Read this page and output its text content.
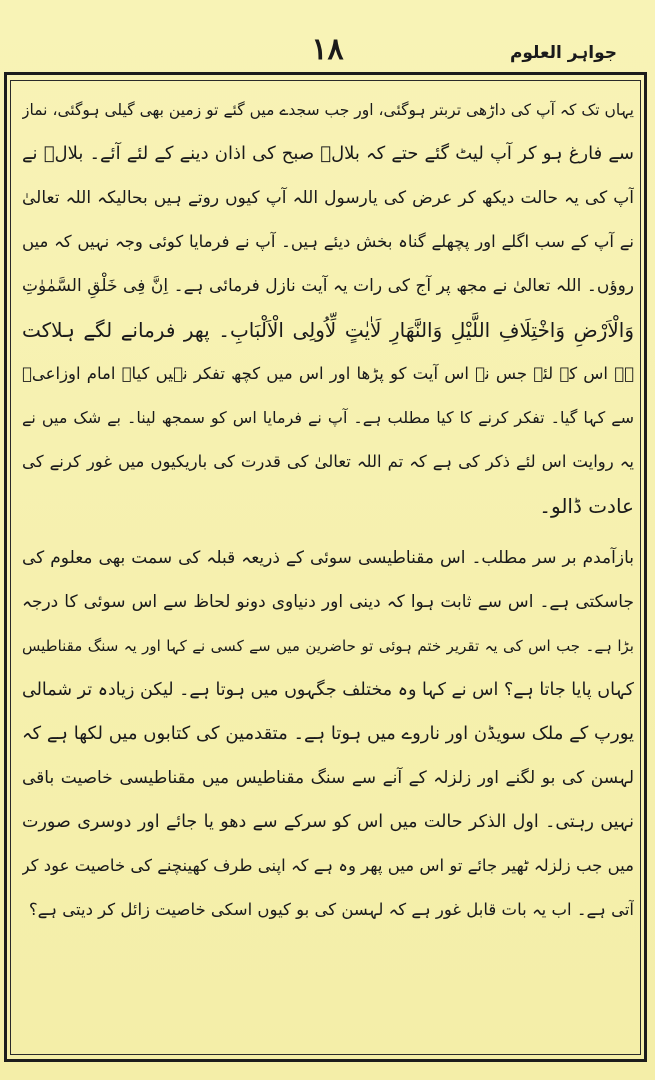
۱۸	جواہر العلوم
یہاں تک کہ آپ کی داڑھی تربتر ہوگئی، اور جب سجدے میں گئے تو زمین بھی گیلی ہوگئی، نماز
سے فارغ ہو کر آپ لیٹ گئے حتے کہ بلالؓ صبح کی اذان دینے کے لئے آئے۔ بلالؓ نے
آپ کی یہ حالت دیکھ کر عرض کی یارسول اللہ آپ کیوں روتے ہیں بحالیکہ اللہ تعالیٰ
نے آپ کے سب اگلے اور پچھلے گناہ بخش دیئے ہیں۔ آپ نے فرمایا کوئی وجہ نہیں کہ میں
روؤں۔ اللہ تعالیٰ نے مجھ پر آج کی رات یہ آیت نازل فرمائی ہے۔ اِنَّ فِی خَلْقِ السَّمٰوٰتِ
وَالْاَرْضِ وَاخْتِلَافِ اللَّیْلِ وَالنَّھَارِ لَاٰیٰتٍ لِّاُولِی الْاَلْبَابِ۔ پھر فرمانے لگے ہلاکت
ہے اس کے لئے جس نے اس آیت کو پڑھا اور اس میں کچھ تفکر نہیں کیا۔ امام اوزاعیؒ
سے کہا گیا۔ تفکر کرنے کا کیا مطلب ہے۔ آپ نے فرمایا اس کو سمجھ لینا۔ بے شک میں نے
یہ روایت اس لئے ذکر کی ہے کہ تم اللہ تعالیٰ کی قدرت کی باریکیوں میں غور کرنے کی
عادت ڈالو۔
بازآمدم بر سر مطلب۔ اس مقناطیسی سوئی کے ذریعہ قبلہ کی سمت بھی معلوم کی
جاسکتی ہے۔ اس سے ثابت ہوا کہ دینی اور دنیاوی دونو لحاظ سے اس سوئی کا درجہ
بڑا ہے۔ جب اس کی یہ تقریر ختم ہوئی تو حاضرین میں سے کسی نے کہا اور یہ سنگ مقناطیس
کہاں پایا جاتا ہے؟ اس نے کہا وہ مختلف جگہوں میں ہوتا ہے۔ لیکن زیادہ تر شمالی
یورپ کے ملک سویڈن اور ناروے میں ہوتا ہے۔ متقدمین کی کتابوں میں لکھا ہے کہ
لہسن کی بو لگنے اور زلزلہ کے آنے سے سنگ مقناطیس میں مقناطیسی خاصیت باقی
نہیں رہتی۔ اول الذکر حالت میں اس کو سرکے سے دھو یا جائے اور دوسری صورت
میں جب زلزلہ ٹھیر جائے تو اس میں پھر وہ ہے کہ اپنی طرف کھینچنے کی خاصیت عود کر
آتی ہے۔ اب یہ بات قابل غور ہے کہ لہسن کی بو کیوں اسکی خاصیت زائل کر دیتی ہے؟
